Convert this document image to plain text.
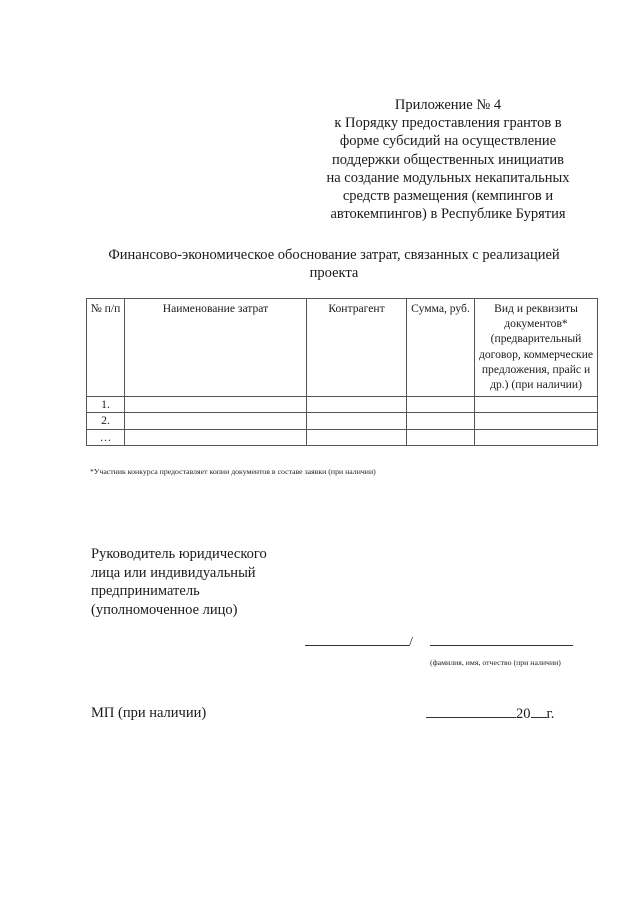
Приложение № 4
к Порядку предоставления грантов в
форме субсидий на осуществление
поддержки общественных инициатив
на создание модульных некапитальных
средств размещения (кемпингов и
автокемпингов) в Республике Бурятия
Финансово-экономическое обоснование затрат, связанных с реализацией
проекта
№ п/п	Наименование затрат	Контрагент	Сумма, руб.	Вид и реквизиты документов* (предварительный договор, коммерческие предложения, прайс и др.) (при наличии)
1.				
2.				
…				
*Участник конкурса предоставляет копии документов в составе заявки (при наличии)
Руководитель юридического
лица или индивидуальный
предприниматель
(уполномоченное лицо)
/
(фамилия, имя, отчество (при наличии)
МП (при наличии)	20 г.
